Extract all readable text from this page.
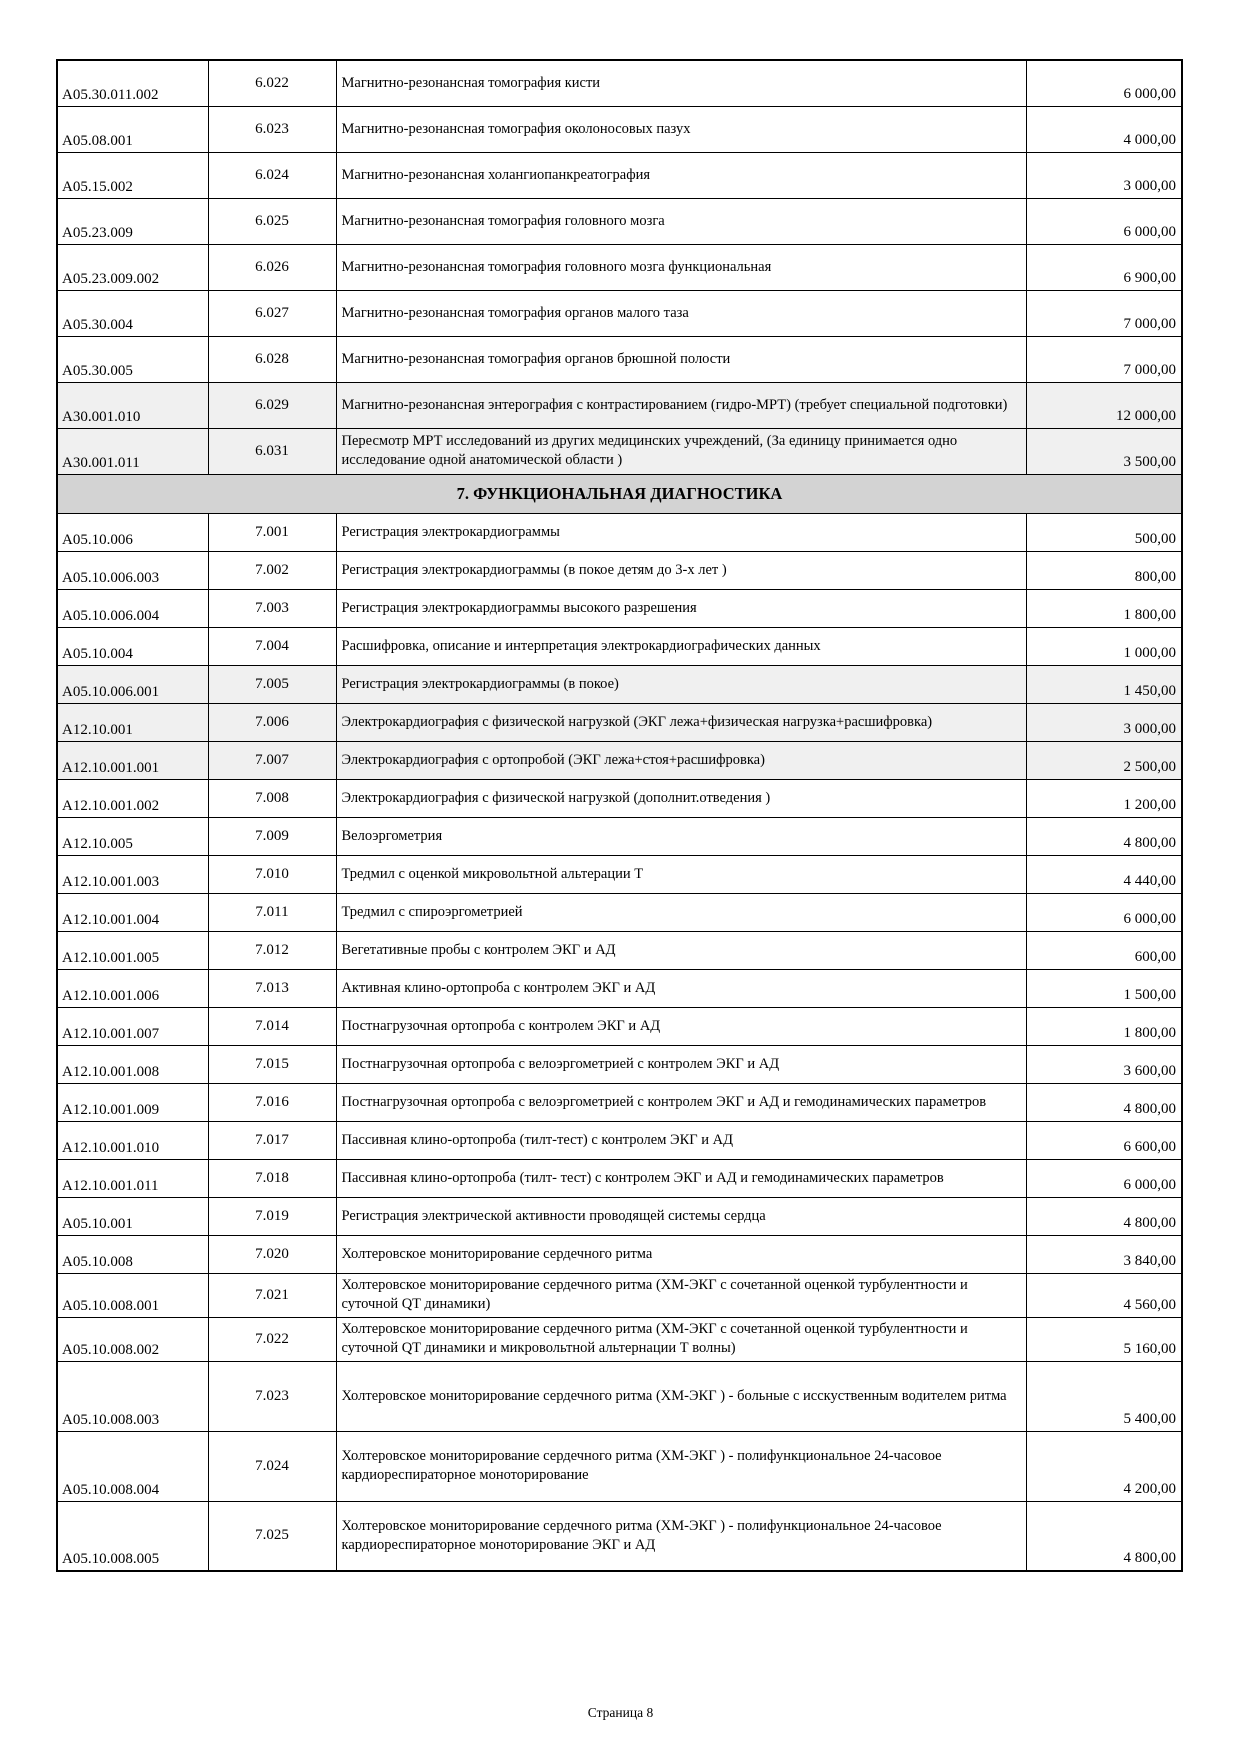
А05.30.011.002	6.022	Магнитно-резонансная томография кисти	6 000,00
А05.08.001	6.023	Магнитно-резонансная томография околоносовых пазух	4 000,00
А05.15.002	6.024	Магнитно-резонансная холангиопанкреатография	3 000,00
А05.23.009	6.025	Магнитно-резонансная томография головного мозга	6 000,00
А05.23.009.002	6.026	Магнитно-резонансная томография головного мозга функциональная	6 900,00
А05.30.004	6.027	Магнитно-резонансная томография органов малого таза	7 000,00
А05.30.005	6.028	Магнитно-резонансная томография органов брюшной полости	7 000,00
А30.001.010	6.029	Магнитно-резонансная энтерография с контрастированием (гидро-МРТ) (требует специальной подготовки)	12 000,00
А30.001.011	6.031	Пересмотр МРТ исследований из других медицинских учреждений, (За единицу принимается одно исследование одной анатомической области )	3 500,00
7. ФУНКЦИОНАЛЬНАЯ ДИАГНОСТИКА			
А05.10.006	7.001	Регистрация электрокардиограммы	500,00
А05.10.006.003	7.002	Регистрация электрокардиограммы (в покое детям до 3-х лет )	800,00
А05.10.006.004	7.003	Регистрация электрокардиограммы высокого разрешения	1 800,00
А05.10.004	7.004	Расшифровка, описание и интерпретация электрокардиографических данных	1 000,00
А05.10.006.001	7.005	Регистрация электрокардиограммы (в покое)	1 450,00
А12.10.001	7.006	Электрокардиография с физической нагрузкой (ЭКГ лежа+физическая нагрузка+расшифровка)	3 000,00
А12.10.001.001	7.007	Электрокардиография с ортопробой (ЭКГ лежа+стоя+расшифровка)	2 500,00
А12.10.001.002	7.008	Электрокардиография с физической нагрузкой (дополнит.отведения )	1 200,00
А12.10.005	7.009	Велоэргометрия	4 800,00
А12.10.001.003	7.010	Тредмил с оценкой микровольтной альтерации Т	4 440,00
А12.10.001.004	7.011	Тредмил с спироэргометрией	6 000,00
А12.10.001.005	7.012	Вегетативные пробы с контролем ЭКГ и АД	600,00
А12.10.001.006	7.013	Активная клино-ортопроба с контролем ЭКГ и АД	1 500,00
А12.10.001.007	7.014	Постнагрузочная ортопроба с контролем ЭКГ и АД	1 800,00
А12.10.001.008	7.015	Постнагрузочная ортопроба с велоэргометрией с контролем ЭКГ и АД	3 600,00
А12.10.001.009	7.016	Постнагрузочная ортопроба с велоэргометрией с контролем ЭКГ и АД и гемодинамических параметров	4 800,00
А12.10.001.010	7.017	Пассивная клино-ортопроба (тилт-тест) с контролем ЭКГ и АД	6 600,00
А12.10.001.011	7.018	Пассивная клино-ортопроба (тилт- тест) с контролем ЭКГ и АД и гемодинамических параметров	6 000,00
А05.10.001	7.019	Регистрация электрической активности проводящей системы сердца	4 800,00
А05.10.008	7.020	Холтеровское мониторирование сердечного ритма	3 840,00
А05.10.008.001	7.021	Холтеровское мониторирование сердечного ритма (ХМ-ЭКГ с сочетанной оценкой турбулентности и суточной QT динамики)	4 560,00
А05.10.008.002	7.022	Холтеровское мониторирование сердечного ритма (ХМ-ЭКГ с сочетанной оценкой турбулентности и суточной QT динамики и микровольтной альтернации Т волны)	5 160,00
А05.10.008.003	7.023	Холтеровское мониторирование сердечного ритма (ХМ-ЭКГ ) - больные с исскуственным водителем ритма	5 400,00
А05.10.008.004	7.024	Холтеровское мониторирование сердечного ритма (ХМ-ЭКГ ) - полифункциональное 24-часовое кардиореспираторное моноторирование	4 200,00
А05.10.008.005	7.025	Холтеровское мониторирование сердечного ритма (ХМ-ЭКГ ) - полифункциональное 24-часовое кардиореспираторное моноторирование ЭКГ и АД	4 800,00
Страница 8
